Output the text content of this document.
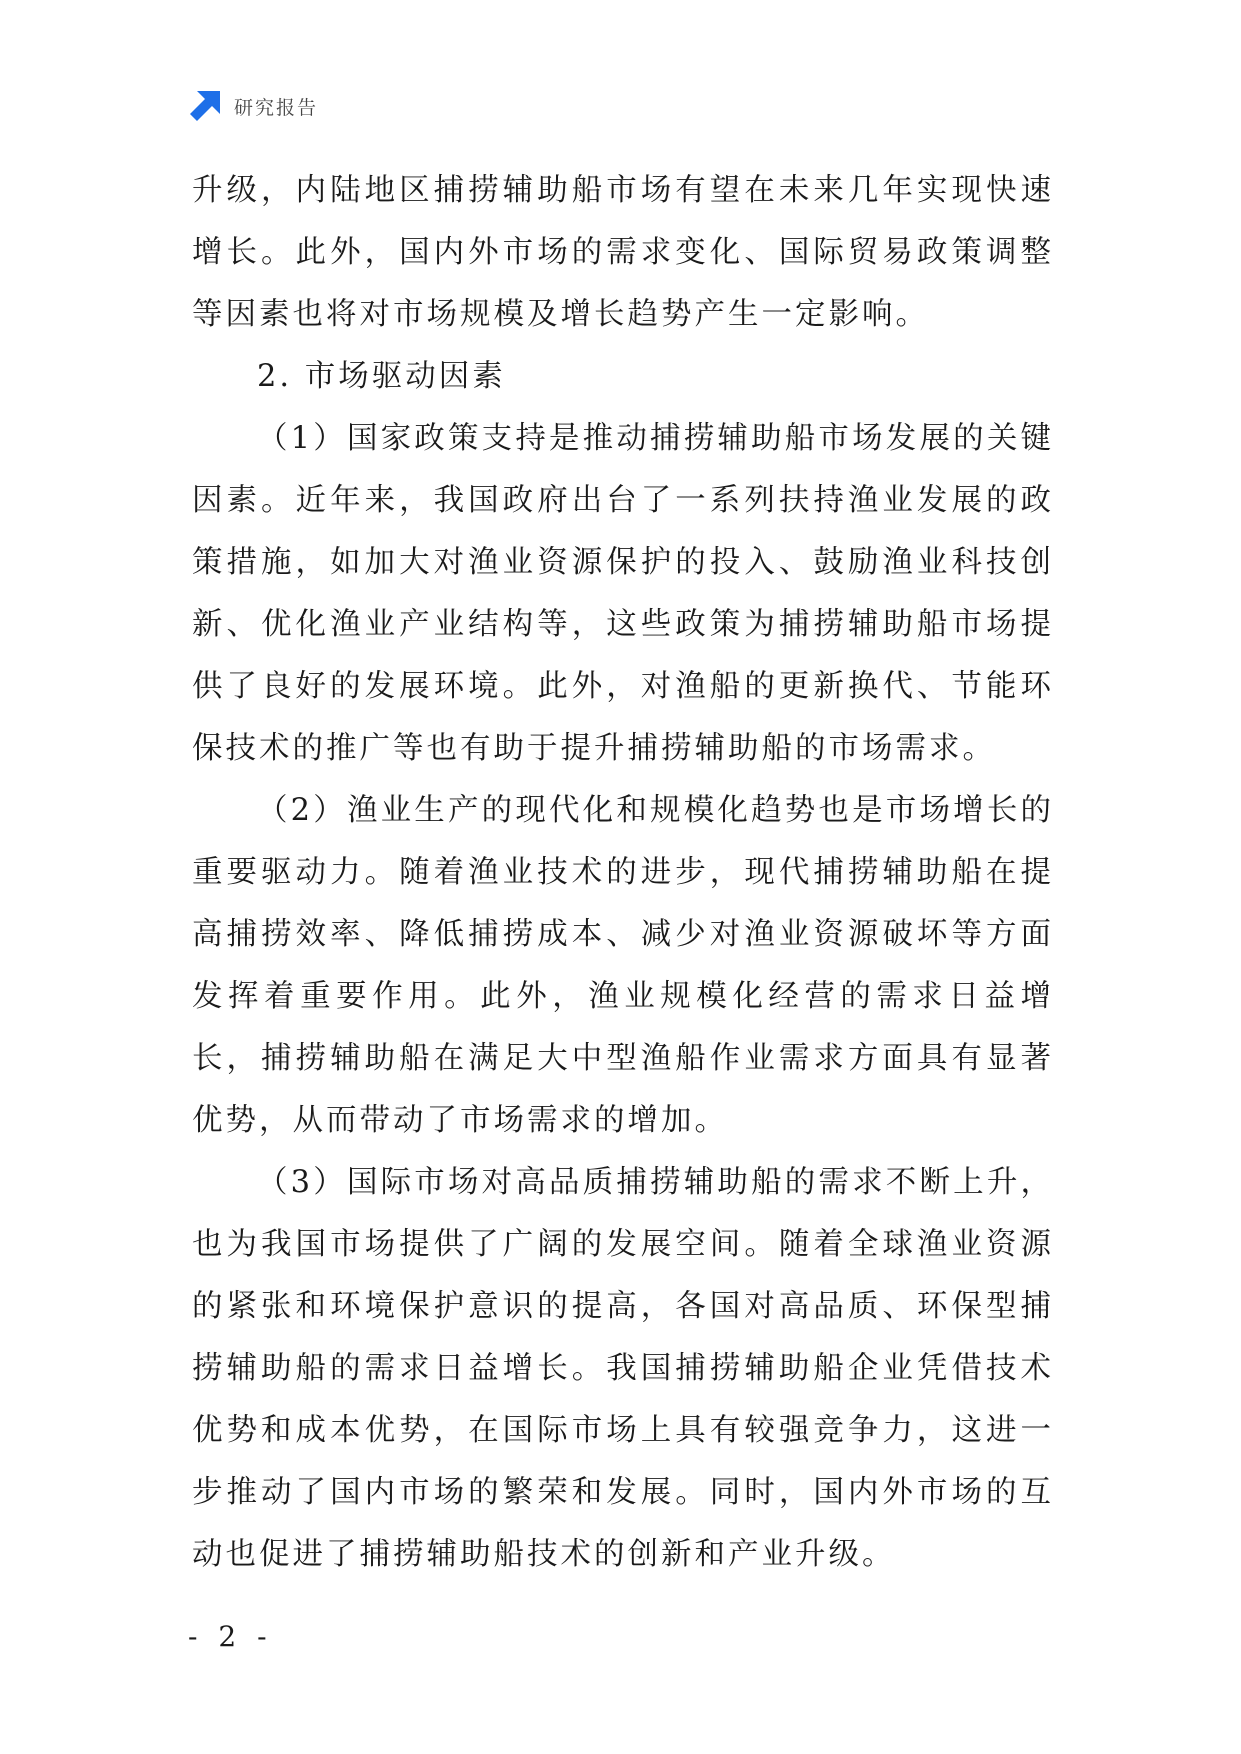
研究报告

升级，内陆地区捕捞辅助船市场有望在未来几年实现快速增长。此外，国内外市场的需求变化、国际贸易政策调整等因素也将对市场规模及增长趋势产生一定影响。

2. 市场驱动因素

（1）国家政策支持是推动捕捞辅助船市场发展的关键因素。近年来，我国政府出台了一系列扶持渔业发展的政策措施，如加大对渔业资源保护的投入、鼓励渔业科技创新、优化渔业产业结构等，这些政策为捕捞辅助船市场提供了良好的发展环境。此外，对渔船的更新换代、节能环保技术的推广等也有助于提升捕捞辅助船的市场需求。

（2）渔业生产的现代化和规模化趋势也是市场增长的重要驱动力。随着渔业技术的进步，现代捕捞辅助船在提高捕捞效率、降低捕捞成本、减少对渔业资源破坏等方面发挥着重要作用。此外，渔业规模化经营的需求日益增长，捕捞辅助船在满足大中型渔船作业需求方面具有显著优势，从而带动了市场需求的增加。

（3）国际市场对高品质捕捞辅助船的需求不断上升，也为我国市场提供了广阔的发展空间。随着全球渔业资源的紧张和环境保护意识的提高，各国对高品质、环保型捕捞辅助船的需求日益增长。我国捕捞辅助船企业凭借技术优势和成本优势，在国际市场上具有较强竞争力，这进一步推动了国内市场的繁荣和发展。同时，国内外市场的互动也促进了捕捞辅助船技术的创新和产业升级。

- 2 -
